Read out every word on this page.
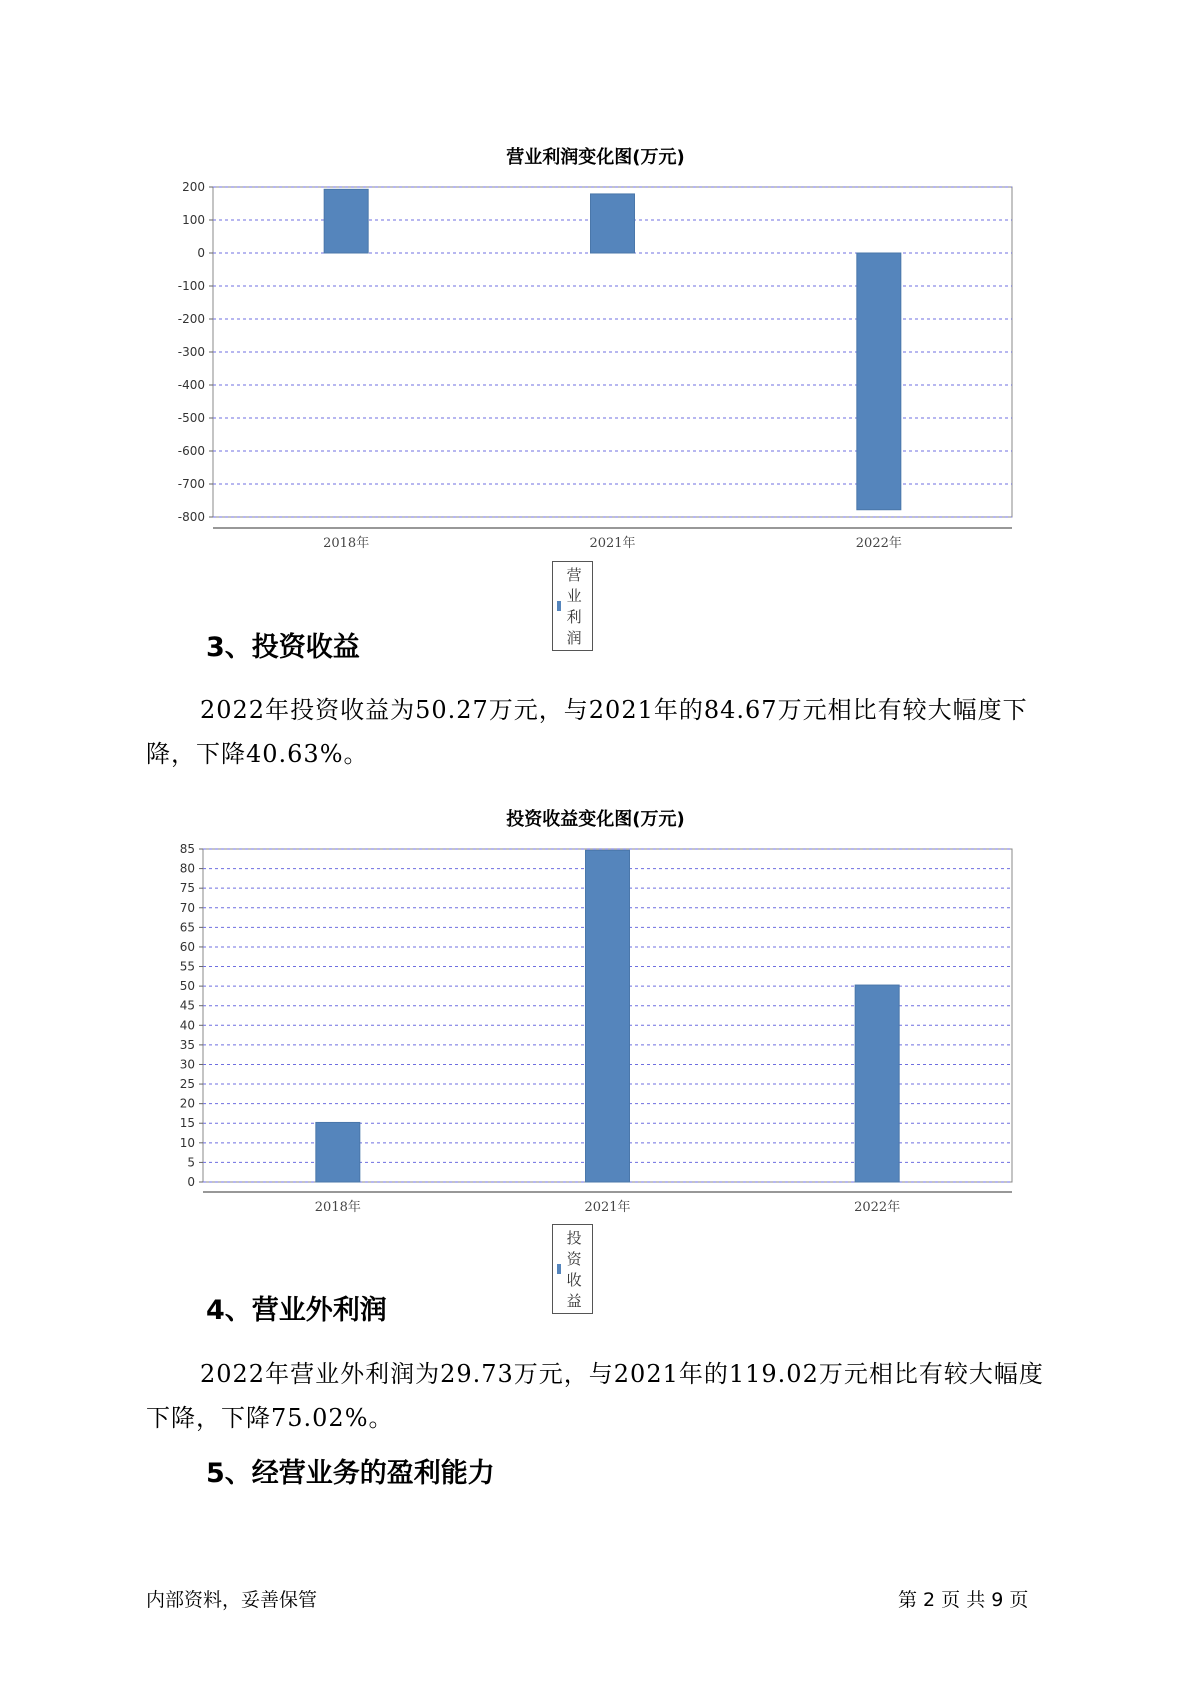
营业利润变化图(万元)
200
100
0
-100
-200
-300
-400
-500
-600
-700
-800
2018年	2021年	2022年
营业利润
3、投资收益
2022年投资收益为50.27万元，与2021年的84.67万元相比有较大幅度下降，下降40.63%。
投资收益变化图(万元)
85
80
75
70
65
60
55
50
45
40
35
30
25
20
15
10
5
0
2018年	2021年	2022年
投资收益
4、营业外利润
2022年营业外利润为29.73万元，与2021年的119.02万元相比有较大幅度下降，下降75.02%。
5、经营业务的盈利能力
内部资料，妥善保管	第 2 页 共 9 页
